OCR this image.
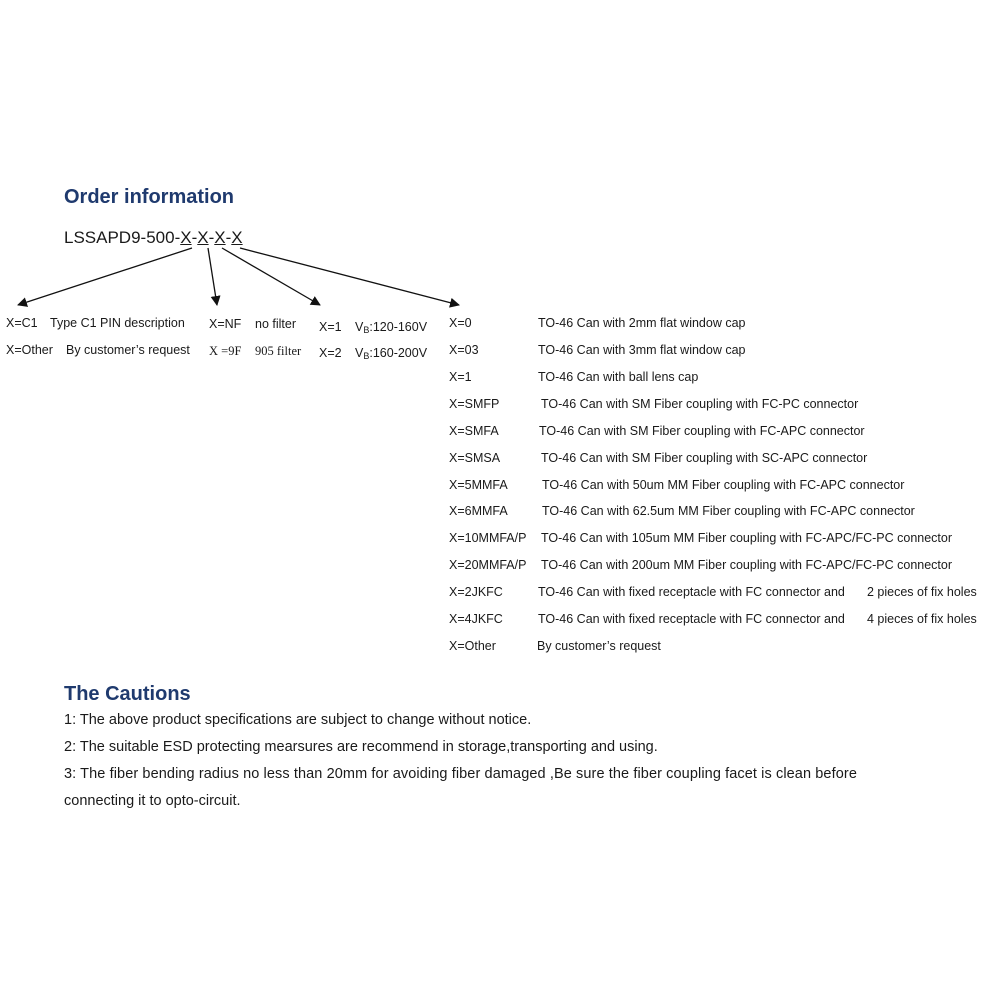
Order information
LSSAPD9-500-X-X-X-X
X=C1 Type C1 PIN description
X=Other By customer’s request
X=NF no filter
X =9F 905 filter
X=1 $V_B:120-160V$
X=2 $V_B:160-200V$
X=0	TO-46 Can with 2mm flat window cap
X=03	TO-46 Can with 3mm flat window cap
X=1	TO-46 Can with ball lens cap
X=SMFP	TO-46 Can with SM Fiber coupling with FC-PC connector
X=SMFA	TO-46 Can with SM Fiber coupling with FC-APC connector
X=SMSA	TO-46 Can with SM Fiber coupling with SC-APC connector
X=5MMFA	TO-46 Can with 50um MM Fiber coupling with FC-APC connector
X=6MMFA	TO-46 Can with 62.5um MM Fiber coupling with FC-APC connector
X=10MMFA/P TO-46 Can with 105um MM Fiber coupling with FC-APC/FC-PC connector
X=20MMFA/P TO-46 Can with 200um MM Fiber coupling with FC-APC/FC-PC connector
X=2JKFC	TO-46 Can with fixed receptacle with FC connector and 2 pieces of fix holes
X=4JKFC	TO-46 Can with fixed receptacle with FC connector and 4 pieces of fix holes
X=Other	By customer’s request
The Cautions
1: The above product specifications are subject to change without notice.
2: The suitable ESD protecting mearsures are recommend in storage,transporting and using.
3: The fiber bending radius no less than 20mm for avoiding fiber damaged ,Be sure the fiber coupling facet is clean before
connecting it to opto-circuit.
